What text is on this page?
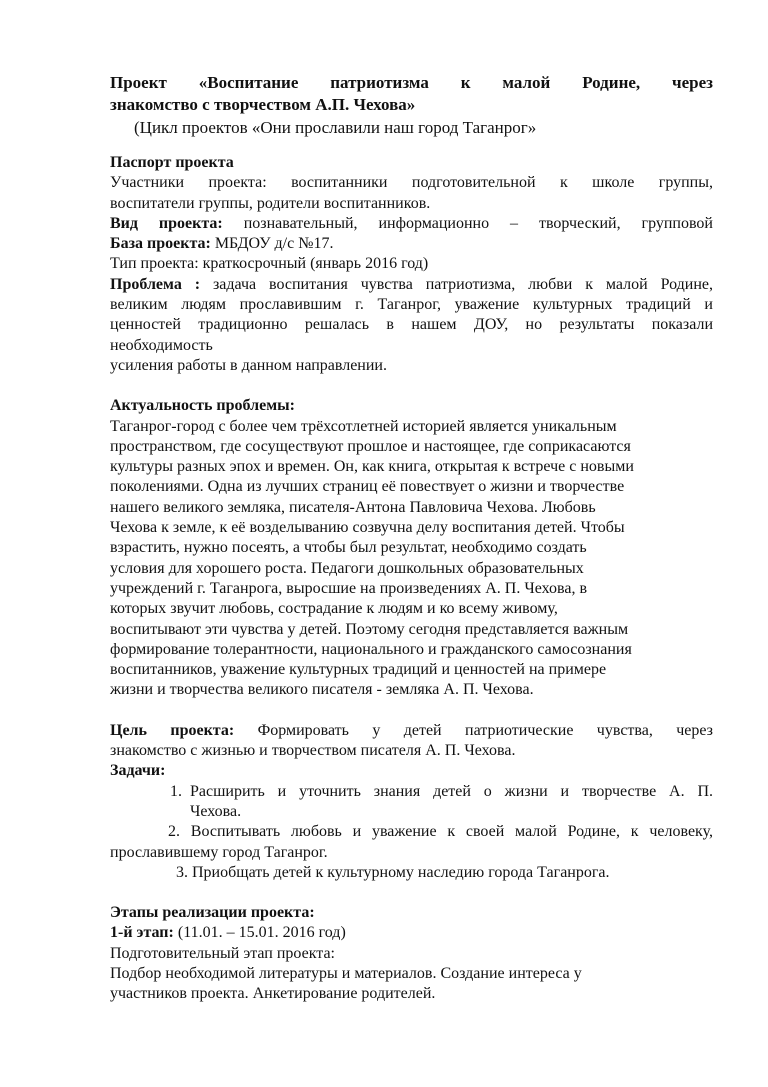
Проект «Воспитание патриотизма к малой Родине, через

знакомство с творчеством А.П. Чехова»

(Цикл проектов «Они прославили наш город Таганрог»

Паспорт проекта

Участники проекта: воспитанники подготовительной к школе группы,

воспитатели группы, родители воспитанников.

Вид проекта: познавательный, информационно – творческий, групповой

База проекта: МБДОУ д/с №17.

Тип проекта: краткосрочный (январь 2016 год)

Проблема : задача воспитания чувства патриотизма, любви к малой Родине,

великим людям прославившим г. Таганрог, уважение культурных традиций и

ценностей традиционно решалась в нашем ДОУ, но результаты показали

необходимость

усиления работы в данном направлении.

Актуальность проблемы:

Таганрог-город с более чем трёхсотлетней историей является уникальным

пространством, где сосуществуют прошлое и настоящее, где соприкасаются

культуры разных эпох и времен. Он, как книга, открытая к встрече с новыми

поколениями. Одна из лучших страниц её повествует о жизни и творчестве

нашего великого земляка, писателя-Антона Павловича Чехова. Любовь

Чехова к земле, к её возделыванию созвучна делу воспитания детей. Чтобы

взрастить, нужно посеять, а чтобы был результат, необходимо создать

условия для хорошего роста. Педагоги дошкольных образовательных

учреждений г. Таганрога, выросшие на произведениях А. П. Чехова, в

которых звучит любовь, сострадание к людям и ко всему живому,

воспитывают эти чувства у детей. Поэтому сегодня представляется важным

формирование толерантности, национального и гражданского самосознания

воспитанников, уважение культурных традиций и ценностей на примере

жизни и творчества великого писателя - земляка А. П. Чехова.

Цель проекта: Формировать у детей патриотические чувства, через

знакомство с жизнью и творчеством писателя А. П. Чехова.

Задачи:

1. Расширить и уточнить знания детей о жизни и творчестве А. П.

Чехова.

2. Воспитывать любовь и уважение к своей малой Родине, к человеку,

прославившему город Таганрог.

3. Приобщать детей к культурному наследию города Таганрога.

Этапы реализации проекта:

1-й этап: (11.01. – 15.01. 2016 год)

Подготовительный этап проекта:

Подбор необходимой литературы и материалов. Создание интереса у

участников проекта. Анкетирование родителей.
